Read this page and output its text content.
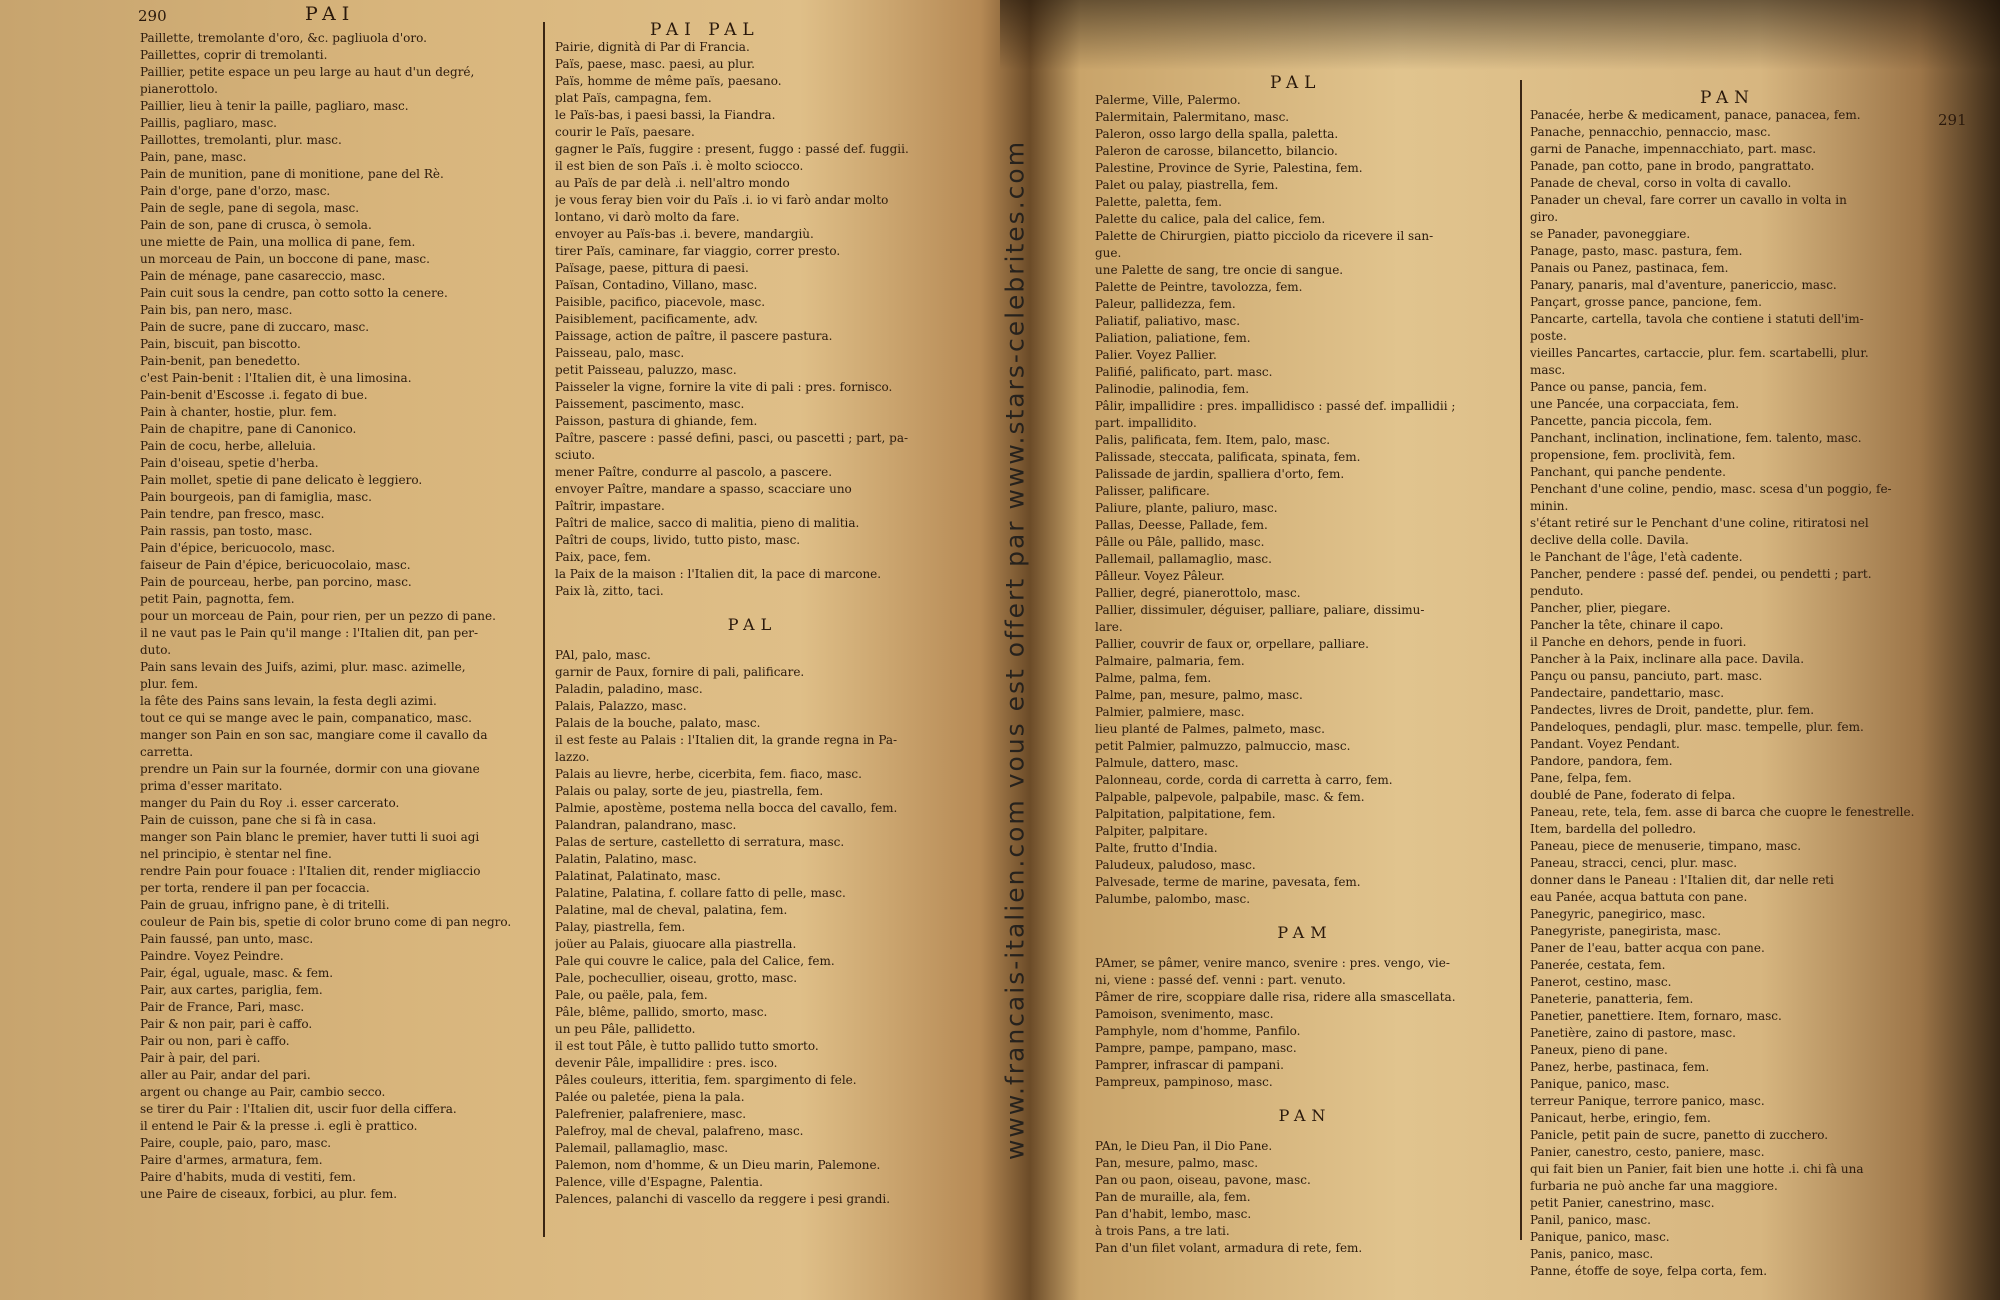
290	PAI
Paillette, tremolante d'oro, &c. pagliuola d'oro.
Paillettes, coprir di tremolanti.
Paillier, petite espace un peu large au haut d'un degré,
pianerottolo.
Paillier, lieu à tenir la paille, pagliaro, masc.
Paillis, pagliaro, masc.
Paillottes, tremolanti, plur. masc.
Pain, pane, masc.
Pain de munition, pane di monitione, pane del Rè.
Pain d'orge, pane d'orzo, masc.
Pain de segle, pane di segola, masc.
Pain de son, pane di crusca, ò semola.
une miette de Pain, una mollica di pane, fem.
un morceau de Pain, un boccone di pane, masc.
Pain de ménage, pane casareccio, masc.
Pain cuit sous la cendre, pan cotto sotto la cenere.
Pain bis, pan nero, masc.
Pain de sucre, pane di zuccaro, masc.
Pain, biscuit, pan biscotto.
Pain-benit, pan benedetto.
c'est Pain-benit : l'Italien dit, è una limosina.
Pain-benit d'Escosse .i. fegato di bue.
Pain à chanter, hostie, plur. fem.
Pain de chapitre, pane di Canonico.
Pain de cocu, herbe, alleluia.
Pain d'oiseau, spetie d'herba.
Pain mollet, spetie di pane delicato è leggiero.
Pain bourgeois, pan di famiglia, masc.
Pain tendre, pan fresco, masc.
Pain rassis, pan tosto, masc.
Pain d'épice, bericuocolo, masc.
faiseur de Pain d'épice, bericuocolaio, masc.
Pain de pourceau, herbe, pan porcino, masc.
petit Pain, pagnotta, fem.
pour un morceau de Pain, pour rien, per un pezzo di pane.
il ne vaut pas le Pain qu'il mange : l'Italien dit, pan per-
duto.
Pain sans levain des Juifs, azimi, plur. masc. azimelle,
plur. fem.
la fête des Pains sans levain, la festa degli azimi.
tout ce qui se mange avec le pain, companatico, masc.
manger son Pain en son sac, mangiare come il cavallo da
carretta.
prendre un Pain sur la fournée, dormir con una giovane
prima d'esser maritato.
manger du Pain du Roy .i. esser carcerato.
Pain de cuisson, pane che si fà in casa.
manger son Pain blanc le premier, haver tutti li suoi agi
nel principio, è stentar nel fine.
rendre Pain pour fouace : l'Italien dit, render migliaccio
per torta, rendere il pan per focaccia.
Pain de gruau, infrigno pane, è di tritelli.
couleur de Pain bis, spetie di color bruno come di pan negro.
Pain faussé, pan unto, masc.
Paindre. Voyez Peindre.
Pair, égal, uguale, masc. & fem.
Pair, aux cartes, pariglia, fem.
Pair de France, Pari, masc.
Pair & non pair, pari è caffo.
Pair ou non, pari è caffo.
Pair à pair, del pari.
aller au Pair, andar del pari.
argent ou change au Pair, cambio secco.
se tirer du Pair : l'Italien dit, uscir fuor della ciffera.
il entend le Pair & la presse .i. egli è prattico.
Paire, couple, paio, paro, masc.
Paire d'armes, armatura, fem.
Paire d'habits, muda di vestiti, fem.
une Paire de ciseaux, forbici, au plur. fem.
PAI PAL
Pairie, dignità di Par di Francia.
Païs, paese, masc. paesi, au plur.
Païs, homme de même païs, paesano.
plat Païs, campagna, fem.
le Païs-bas, i paesi bassi, la Fiandra.
courir le Païs, paesare.
gagner le Païs, fuggire : present, fuggo : passé def. fuggii.
il est bien de son Païs .i. è molto sciocco.
au Païs de par delà .i. nell'altro mondo
je vous feray bien voir du Païs .i. io vi farò andar molto
lontano, vi darò molto da fare.
envoyer au Païs-bas .i. bevere, mandargiù.
tirer Païs, caminare, far viaggio, correr presto.
Païsage, paese, pittura di paesi.
Païsan, Contadino, Villano, masc.
Paisible, pacifico, piacevole, masc.
Paisiblement, pacificamente, adv.
Paissage, action de paître, il pascere pastura.
Paisseau, palo, masc.
petit Paisseau, paluzzo, masc.
Paisseler la vigne, fornire la vite di pali : pres. fornisco.
Paissement, pascimento, masc.
Paisson, pastura di ghiande, fem.
Paître, pascere : passé defini, pasci, ou pascetti ; part, pa-
sciuto.
mener Paître, condurre al pascolo, a pascere.
envoyer Paître, mandare a spasso, scacciare uno
Paîtrir, impastare.
Paîtri de malice, sacco di malitia, pieno di malitia.
Paîtri de coups, livido, tutto pisto, masc.
Paix, pace, fem.
la Paix de la maison : l'Italien dit, la pace di marcone.
Paix là, zitto, taci.
PAL
PAl, palo, masc.
garnir de Paux, fornire di pali, palificare.
Paladin, paladino, masc.
Palais, Palazzo, masc.
Palais de la bouche, palato, masc.
il est feste au Palais : l'Italien dit, la grande regna in Pa-
lazzo.
Palais au lievre, herbe, cicerbita, fem. fiaco, masc.
Palais ou palay, sorte de jeu, piastrella, fem.
Palmie, apostème, postema nella bocca del cavallo, fem.
Palandran, palandrano, masc.
Palas de serture, castelletto di serratura, masc.
Palatin, Palatino, masc.
Palatinat, Palatinato, masc.
Palatine, Palatina, f. collare fatto di pelle, masc.
Palatine, mal de cheval, palatina, fem.
Palay, piastrella, fem.
joüer au Palais, giuocare alla piastrella.
Pale qui couvre le calice, pala del Calice, fem.
Pale, pochecullier, oiseau, grotto, masc.
Pale, ou paële, pala, fem.
Pâle, blême, pallido, smorto, masc.
un peu Pâle, pallidetto.
il est tout Pâle, è tutto pallido tutto smorto.
devenir Pâle, impallidire : pres. isco.
Pâles couleurs, itteritia, fem. spargimento di fele.
Palée ou paletée, piena la pala.
Palefrenier, palafreniere, masc.
Palefroy, mal de cheval, palafreno, masc.
Palemail, pallamaglio, masc.
Palemon, nom d'homme, & un Dieu marin, Palemone.
Palence, ville d'Espagne, Palentia.
Palences, palanchi di vascello da reggere i pesi grandi.
www.francais-italien.com vous est offert par www.stars-celebrites.com
PAL
Palerme, Ville, Palermo.
Palermitain, Palermitano, masc.
Paleron, osso largo della spalla, paletta.
Paleron de carosse, bilancetto, bilancio.
Palestine, Province de Syrie, Palestina, fem.
Palet ou palay, piastrella, fem.
Palette, paletta, fem.
Palette du calice, pala del calice, fem.
Palette de Chirurgien, piatto picciolo da ricevere il san-
gue.
une Palette de sang, tre oncie di sangue.
Palette de Peintre, tavolozza, fem.
Paleur, pallidezza, fem.
Paliatif, paliativo, masc.
Paliation, paliatione, fem.
Palier. Voyez Pallier.
Palifié, palificato, part. masc.
Palinodie, palinodia, fem.
Pâlir, impallidire : pres. impallidisco : passé def. impallidii ;
part. impallidito.
Palis, palificata, fem. Item, palo, masc.
Palissade, steccata, palificata, spinata, fem.
Palissade de jardin, spalliera d'orto, fem.
Palisser, palificare.
Paliure, plante, paliuro, masc.
Pallas, Deesse, Pallade, fem.
Pâlle ou Pâle, pallido, masc.
Pallemail, pallamaglio, masc.
Pâlleur. Voyez Pâleur.
Pallier, degré, pianerottolo, masc.
Pallier, dissimuler, déguiser, palliare, paliare, dissimu-
lare.
Pallier, couvrir de faux or, orpellare, palliare.
Palmaire, palmaria, fem.
Palme, palma, fem.
Palme, pan, mesure, palmo, masc.
Palmier, palmiere, masc.
lieu planté de Palmes, palmeto, masc.
petit Palmier, palmuzzo, palmuccio, masc.
Palmule, dattero, masc.
Palonneau, corde, corda di carretta à carro, fem.
Palpable, palpevole, palpabile, masc. & fem.
Palpitation, palpitatione, fem.
Palpiter, palpitare.
Palte, frutto d'India.
Paludeux, paludoso, masc.
Palvesade, terme de marine, pavesata, fem.
Palumbe, palombo, masc.
PAM
PAmer, se pâmer, venire manco, svenire : pres. vengo, vie-
ni, viene : passé def. venni : part. venuto.
Pâmer de rire, scoppiare dalle risa, ridere alla smascellata.
Pamoison, svenimento, masc.
Pamphyle, nom d'homme, Panfilo.
Pampre, pampe, pampano, masc.
Pamprer, infrascar di pampani.
Pampreux, pampinoso, masc.
PAN
PAn, le Dieu Pan, il Dio Pane.
Pan, mesure, palmo, masc.
Pan ou paon, oiseau, pavone, masc.
Pan de muraille, ala, fem.
Pan d'habit, lembo, masc.
à trois Pans, a tre lati.
Pan d'un filet volant, armadura di rete, fem.
PAN
Panacée, herbe & medicament, panace, panacea, fem.
Panache, pennacchio, pennaccio, masc.
garni de Panache, impennacchiato, part. masc.
Panade, pan cotto, pane in brodo, pangrattato.
Panade de cheval, corso in volta di cavallo.
Panader un cheval, fare correr un cavallo in volta in
giro.
se Panader, pavoneggiare.
Panage, pasto, masc. pastura, fem.
Panais ou Panez, pastinaca, fem.
Panary, panaris, mal d'aventure, panericcio, masc.
Pançart, grosse pance, pancione, fem.
Pancarte, cartella, tavola che contiene i statuti dell'im-
poste.
vieilles Pancartes, cartaccie, plur. fem. scartabelli, plur.
masc.
Pance ou panse, pancia, fem.
une Pancée, una corpacciata, fem.
Pancette, pancia piccola, fem.
Panchant, inclination, inclinatione, fem. talento, masc.
propensione, fem. proclività, fem.
Panchant, qui panche pendente.
Penchant d'une coline, pendio, masc. scesa d'un poggio, fe-
minin.
s'étant retiré sur le Penchant d'une coline, ritiratosi nel
declive della colle. Davila.
le Panchant de l'âge, l'età cadente.
Pancher, pendere : passé def. pendei, ou pendetti ; part.
penduto.
Pancher, plier, piegare.
Pancher la tête, chinare il capo.
il Panche en dehors, pende in fuori.
Pancher à la Paix, inclinare alla pace. Davila.
Pançu ou pansu, panciuto, part. masc.
Pandectaire, pandettario, masc.
Pandectes, livres de Droit, pandette, plur. fem.
Pandeloques, pendagli, plur. masc. tempelle, plur. fem.
Pandant. Voyez Pendant.
Pandore, pandora, fem.
Pane, felpa, fem.
doublé de Pane, foderato di felpa.
Paneau, rete, tela, fem. asse di barca che cuopre le fenestrelle.
Item, bardella del polledro.
Paneau, piece de menuserie, timpano, masc.
Paneau, stracci, cenci, plur. masc.
donner dans le Paneau : l'Italien dit, dar nelle reti
eau Panée, acqua battuta con pane.
Panegyric, panegirico, masc.
Panegyriste, panegirista, masc.
Paner de l'eau, batter acqua con pane.
Panerée, cestata, fem.
Panerot, cestino, masc.
Paneterie, panatteria, fem.
Panetier, panettiere. Item, fornaro, masc.
Panetière, zaino di pastore, masc.
Paneux, pieno di pane.
Panez, herbe, pastinaca, fem.
Panique, panico, masc.
terreur Panique, terrore panico, masc.
Panicaut, herbe, eringio, fem.
Panicle, petit pain de sucre, panetto di zucchero.
Panier, canestro, cesto, paniere, masc.
qui fait bien un Panier, fait bien une hotte .i. chi fà una
furbaria ne può anche far una maggiore.
petit Panier, canestrino, masc.
Panil, panico, masc.
Panique, panico, masc.
Panis, panico, masc.
Panne, étoffe de soye, felpa corta, fem.
291
